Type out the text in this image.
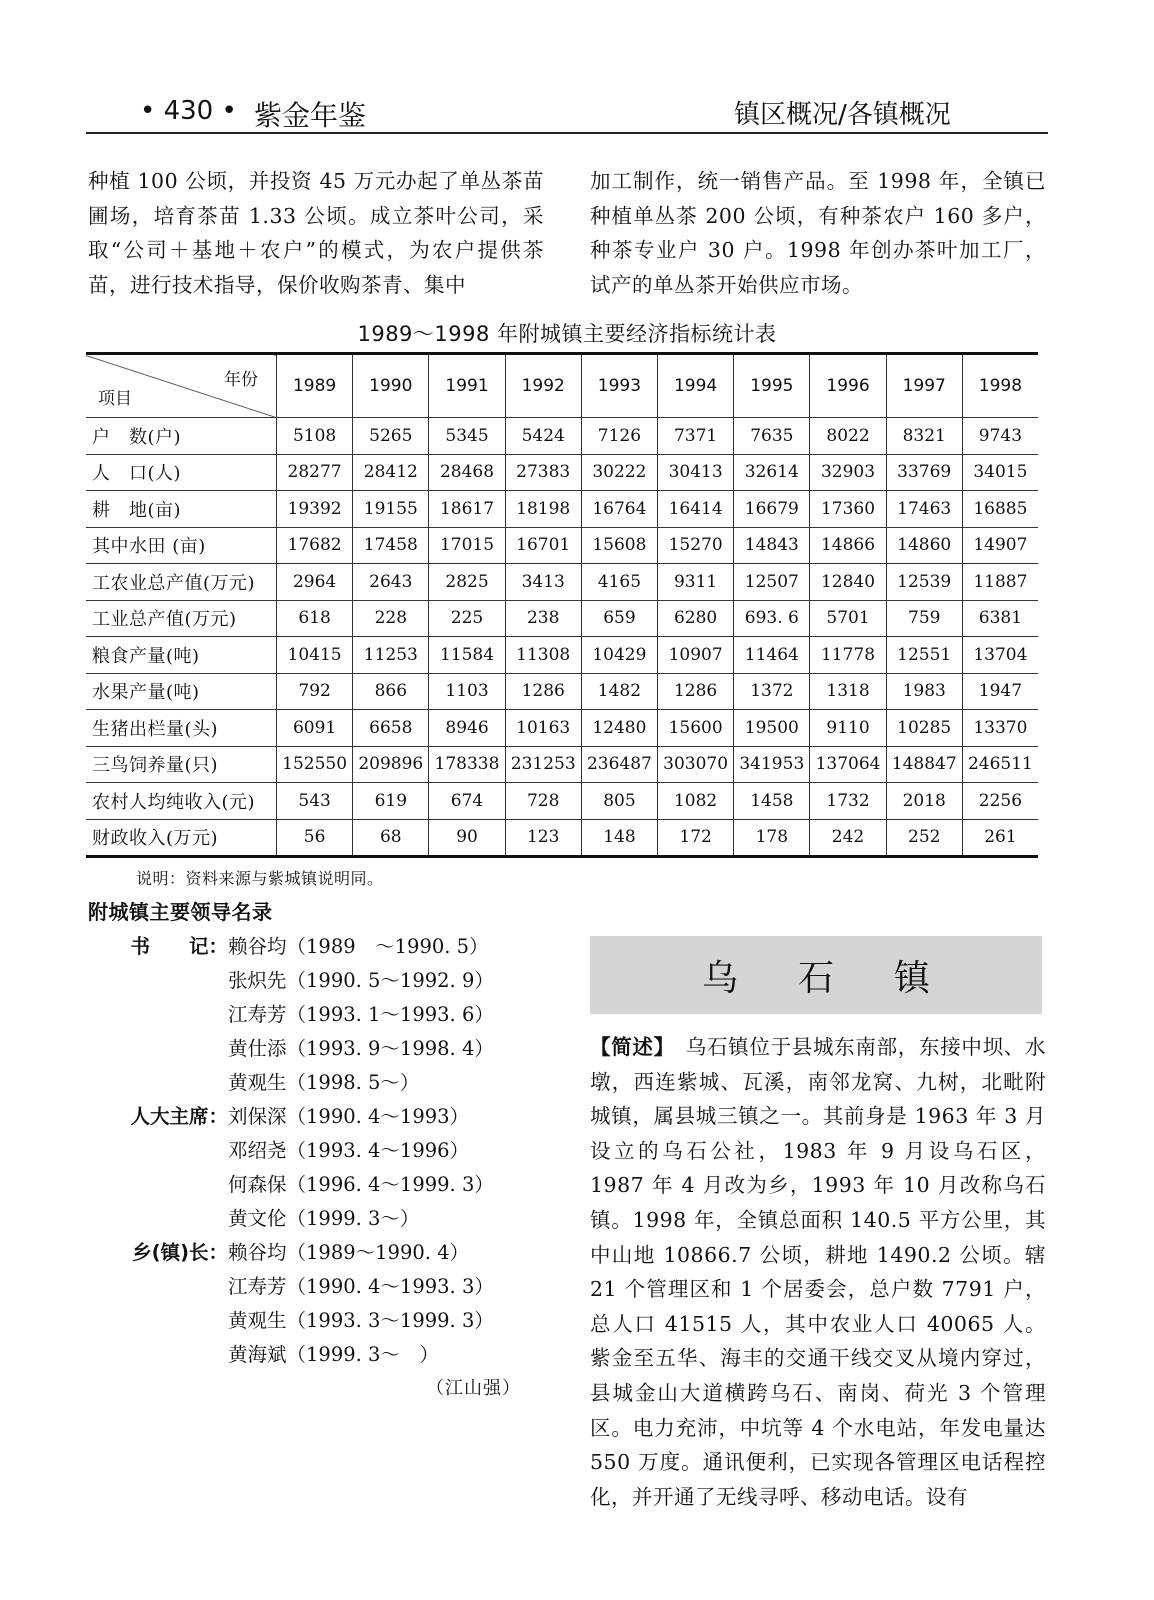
• 430 • 紫金年鉴	镇区概况/各镇概况

种植 100 公顷，并投资 45 万元办起了单丛茶苗圃场，培育茶苗 1.33 公顷。成立茶叶公司，采取“公司＋基地＋农户”的模式，为农户提供茶苗，进行技术指导，保价收购茶青、集中

加工制作，统一销售产品。至 1998 年，全镇已种植单丛茶 200 公顷，有种茶农户 160 多户，种茶专业户 30 户。1998 年创办茶叶加工厂，试产的单丛茶开始供应市场。

1989～1998 年附城镇主要经济指标统计表
年份
项目	1989	1990	1991	1992	1993	1994	1995	1996	1997	1998
户　数(户)	5108	5265	5345	5424	7126	7371	7635	8022	8321	9743
人　口(人)	28277	28412	28468	27383	30222	30413	32614	32903	33769	34015
耕　地(亩)	19392	19155	18617	18198	16764	16414	16679	17360	17463	16885
其中水田 (亩)	17682	17458	17015	16701	15608	15270	14843	14866	14860	14907
工农业总产值(万元)	2964	2643	2825	3413	4165	9311	12507	12840	12539	11887
工业总产值(万元)	618	228	225	238	659	6280	693. 6	5701	759	6381
粮食产量(吨)	10415	11253	11584	11308	10429	10907	11464	11778	12551	13704
水果产量(吨)	792	866	1103	1286	1482	1286	1372	1318	1983	1947
生猪出栏量(头)	6091	6658	8946	10163	12480	15600	19500	9110	10285	13370
三鸟饲养量(只)	152550	209896	178338	231253	236487	303070	341953	137064	148847	246511
农村人均纯收入(元)	543	619	674	728	805	1082	1458	1732	2018	2256
财政收入(万元)	56	68	90	123	148	172	178	242	252	261
说明：资料来源与紫城镇说明同。
附城镇主要领导名录
书　　记： 赖谷均（1989　～1990. 5）
张炽先（1990. 5～1992. 9）
江寿芳（1993. 1～1993. 6）
黄仕添（1993. 9～1998. 4）
黄观生（1998. 5～）
人大主席： 刘保深（1990. 4～1993）
邓绍尧（1993. 4～1996）
何森保（1996. 4～1999. 3）
黄文伦（1999. 3～）
乡(镇)长： 赖谷均（1989～1990. 4）
江寿芳（1990. 4～1993. 3）
黄观生（1993. 3～1999. 3）
黄海斌（1999. 3～　）
（江山强）
乌石镇

【简述】　 乌石镇位于县城东南部，东接中坝、水墩，西连紫城、瓦溪，南邻龙窝、九树，北毗附城镇，属县城三镇之一。其前身是 1963 年 3 月设立的乌石公社，1983 年 9 月设乌石区，1987 年 4 月改为乡，1993 年 10 月改称乌石镇。1998 年，全镇总面积 140.5 平方公里，其中山地 10866.7 公顷，耕地 1490.2 公顷。辖 21 个管理区和 1 个居委会，总户数 7791 户，总人口 41515 人，其中农业人口 40065 人。紫金至五华、海丰的交通干线交叉从境内穿过，县城金山大道横跨乌石、南岗、荷光 3 个管理区。电力充沛，中坑等 4 个水电站，年发电量达 550 万度。通讯便利，已实现各管理区电话程控化，并开通了无线寻呼、移动电话。设有
